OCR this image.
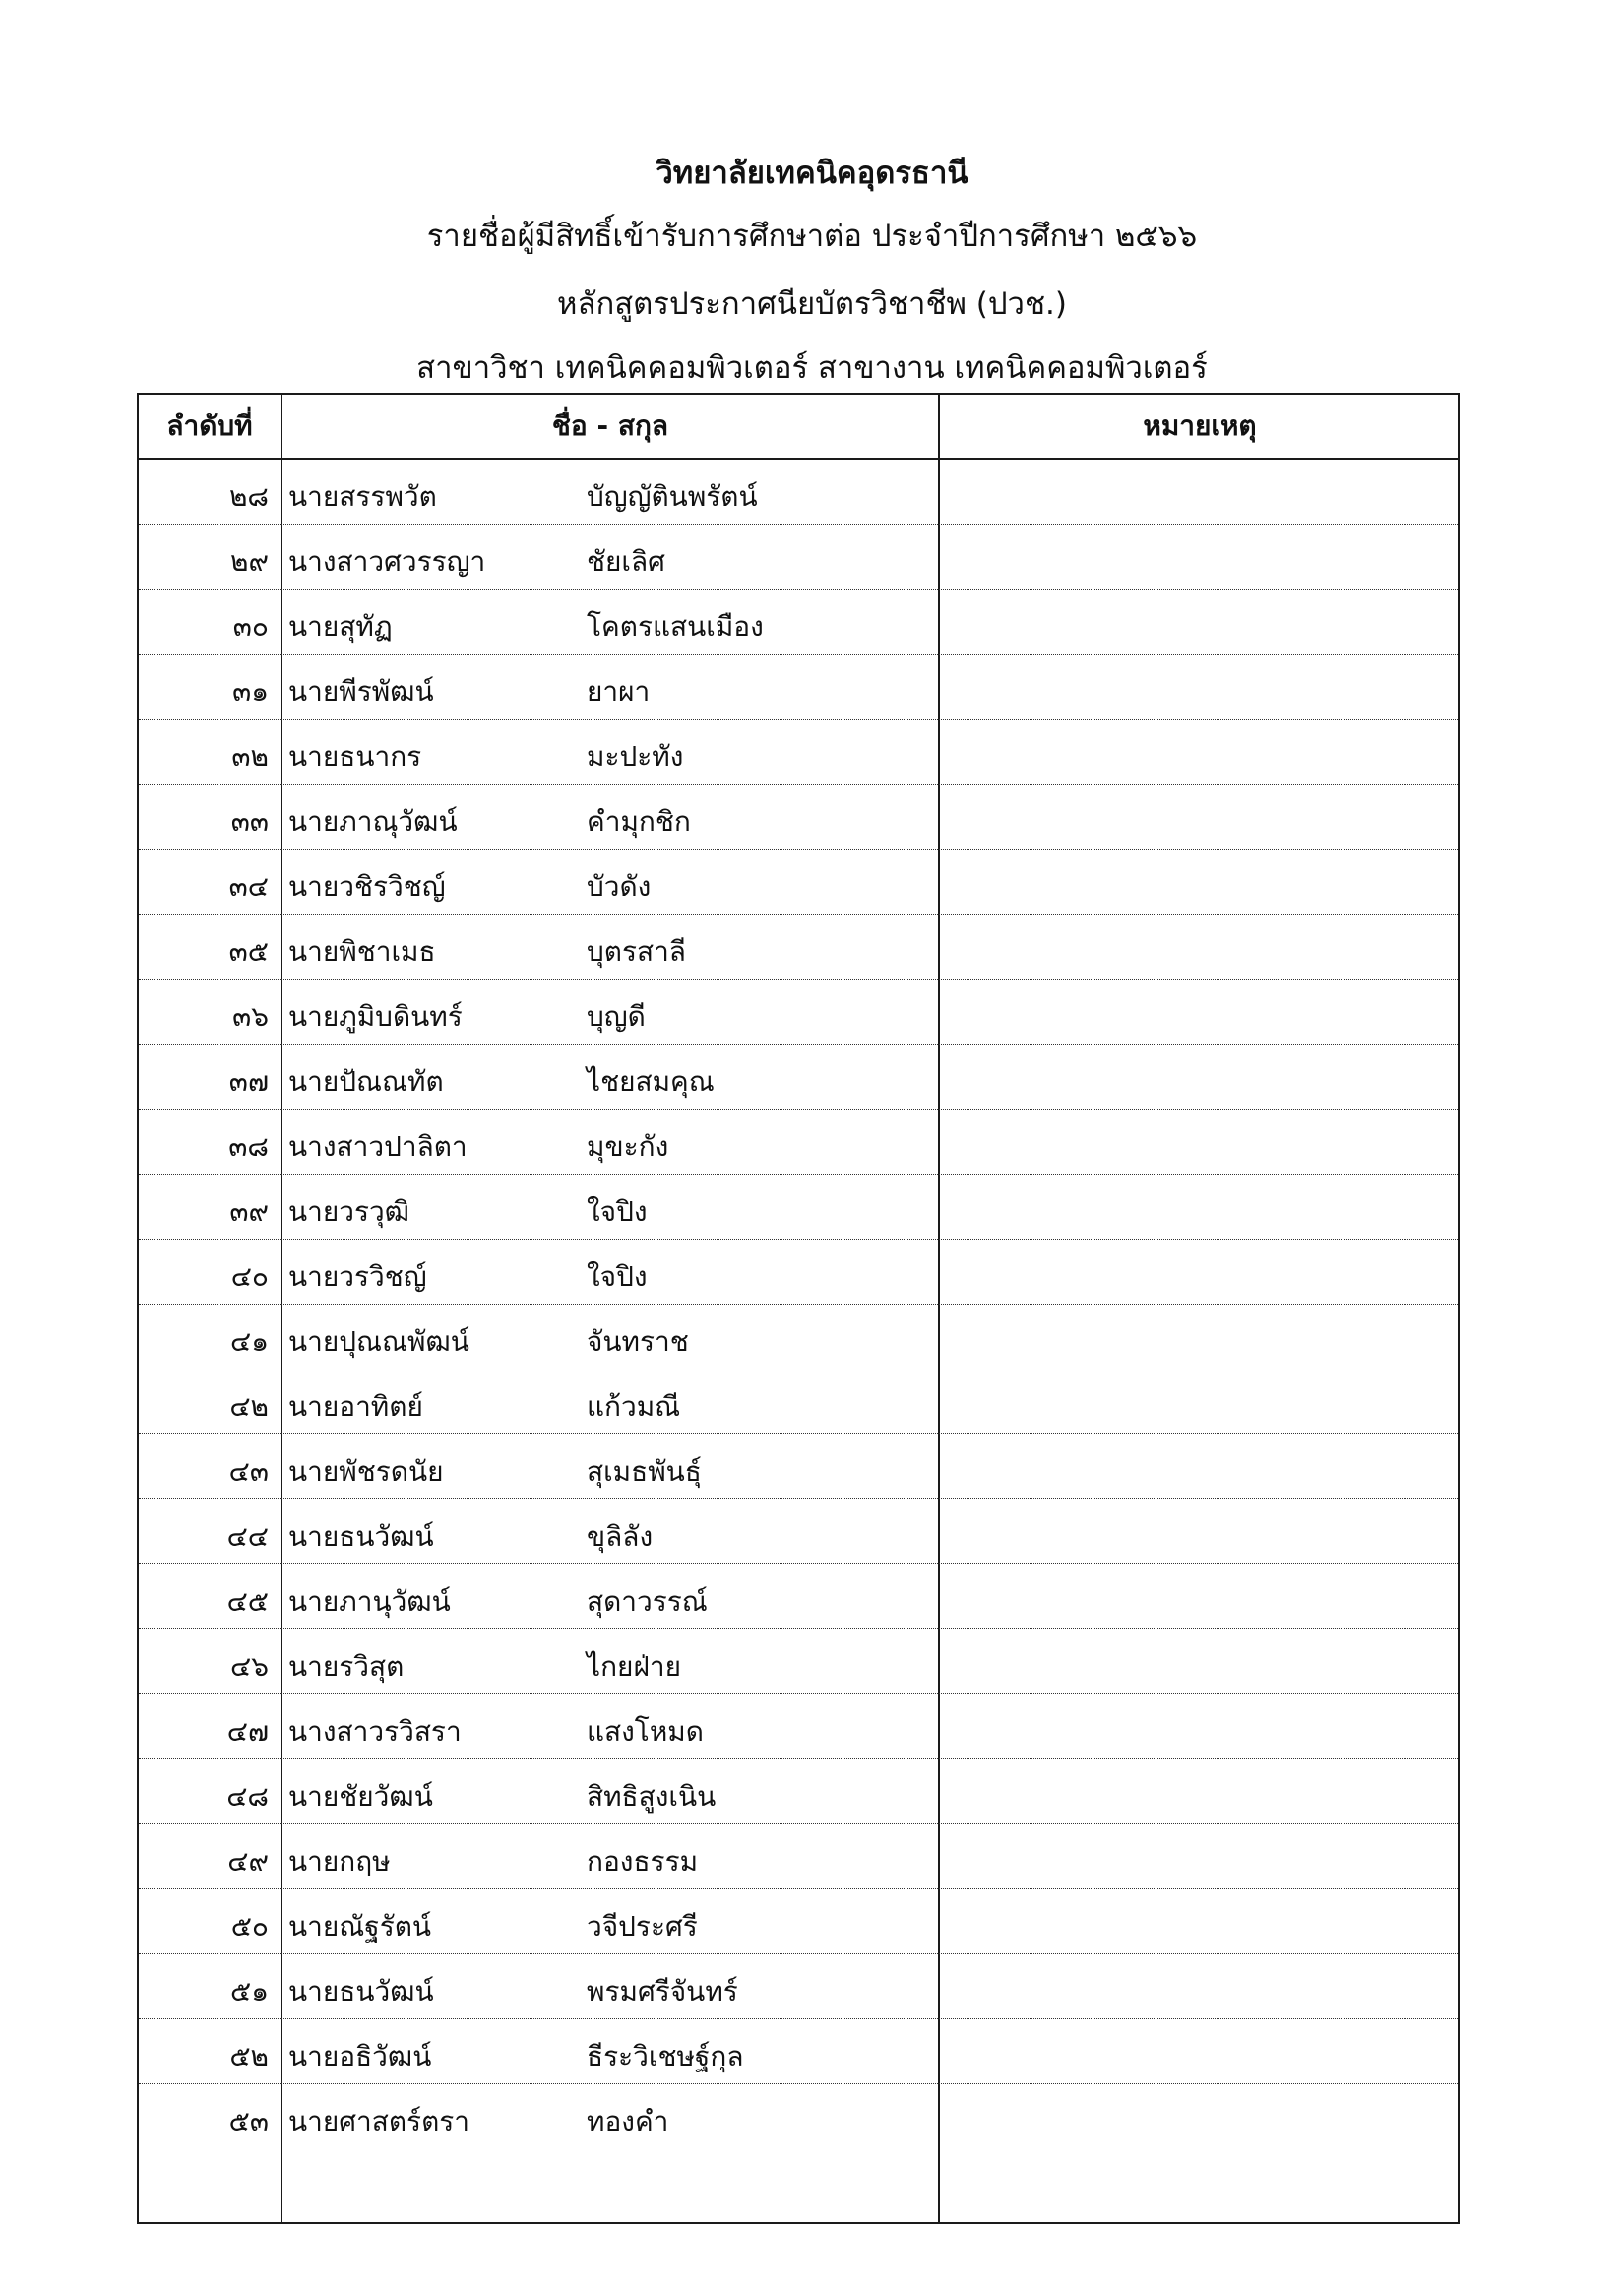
วิทยาลัยเทคนิคอุดรธานี
รายชื่อผู้มีสิทธิ์เข้ารับการศึกษาต่อ ประจำปีการศึกษา ๒๕๖๖
หลักสูตรประกาศนียบัตรวิชาชีพ (ปวช.)
สาขาวิชา เทคนิคคอมพิวเตอร์ สาขางาน เทคนิคคอมพิวเตอร์
ลำดับที่	ชื่อ - สกุล	หมายเหตุ
๒๘ นายสรรพวัต	บัญญัตินพรัตน์
๒๙ นางสาวศวรรญา	ชัยเลิศ
๓๐ นายสุทัฏ	โคตรแสนเมือง
๓๑ นายพีรพัฒน์	ยาผา
๓๒ นายธนากร	มะปะทัง
๓๓ นายภาณุวัฒน์	คำมุกชิก
๓๔ นายวชิรวิชญ์	บัวดัง
๓๕ นายพิชาเมธ	บุตรสาลี
๓๖ นายภูมิบดินทร์	บุญดี
๓๗ นายปัณณทัต	ไชยสมคุณ
๓๘ นางสาวปาลิตา	มุขะกัง
๓๙ นายวรวุฒิ	ใจปิง
๔๐ นายวรวิชญ์	ใจปิง
๔๑ นายปุณณพัฒน์	จันทราช
๔๒ นายอาทิตย์	แก้วมณี
๔๓ นายพัชรดนัย	สุเมธพันธุ์
๔๔ นายธนวัฒน์	ขุลิลัง
๔๕ นายภานุวัฒน์	สุดาวรรณ์
๔๖ นายรวิสุต	ไกยฝ่าย
๔๗ นางสาวรวิสรา	แสงโหมด
๔๘ นายชัยวัฒน์	สิทธิสูงเนิน
๔๙ นายกฤษ	กองธรรม
๕๐ นายณัฐรัตน์	วจีประศรี
๕๑ นายธนวัฒน์	พรมศรีจันทร์
๕๒ นายอธิวัฒน์	ธีระวิเชษฐ์กุล
๕๓ นายศาสตร์ตรา	ทองคำ
